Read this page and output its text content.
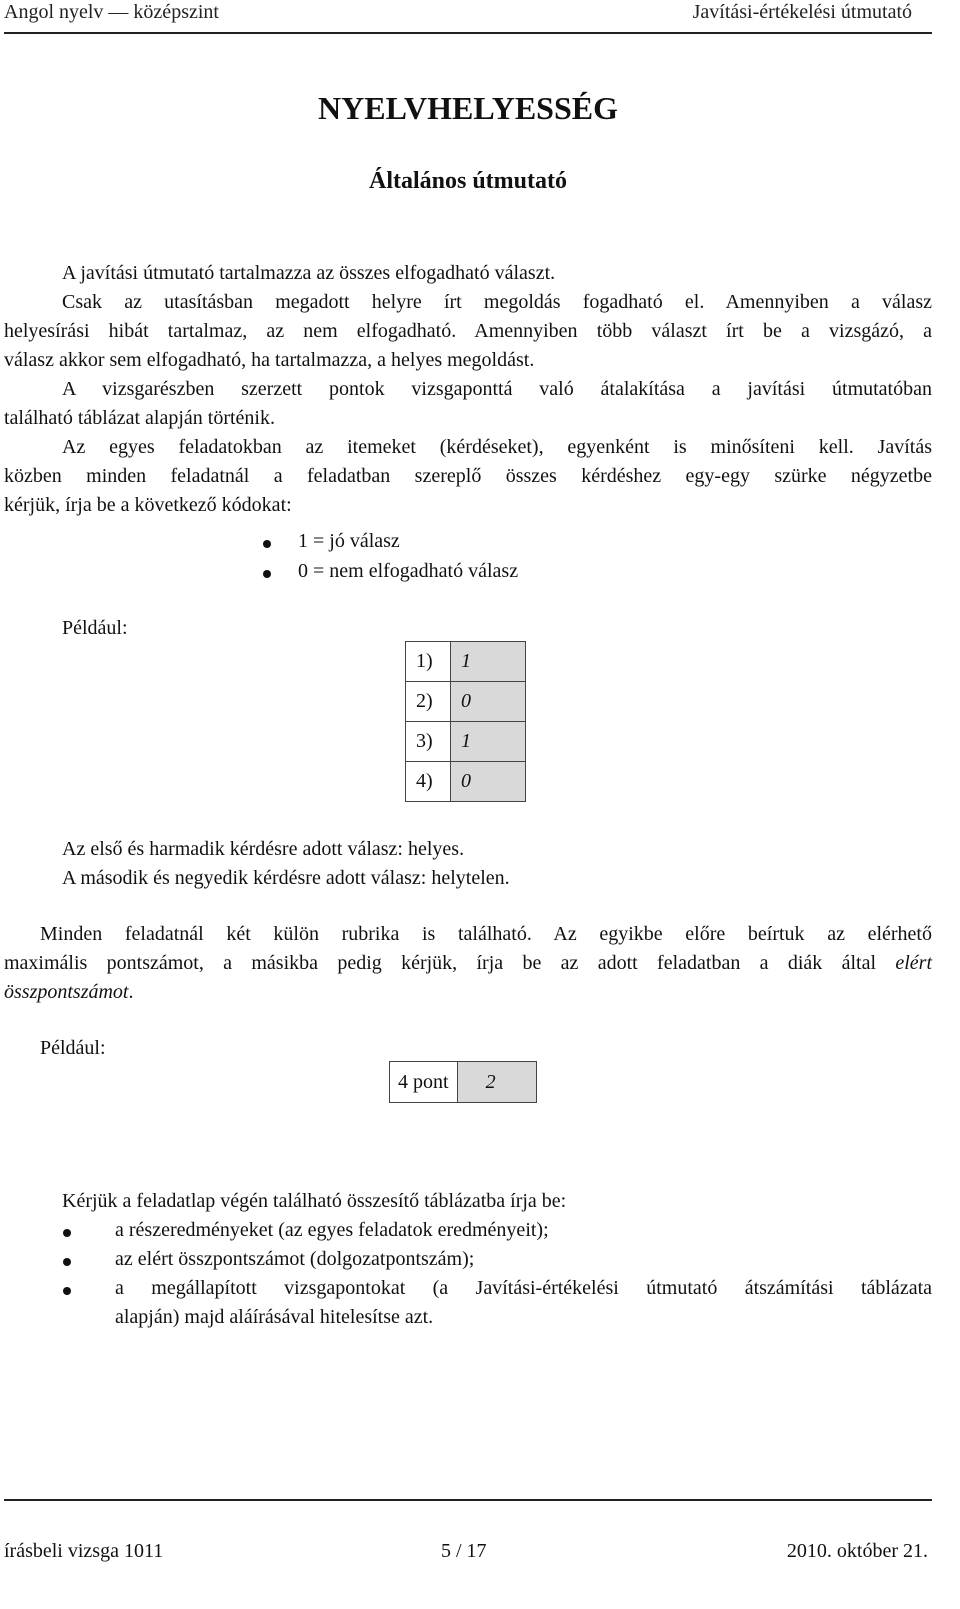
Angol nyelv — középszint	Javítási-értékelési útmutató
NYELVHELYESSÉG
Általános útmutató
A javítási útmutató tartalmazza az összes elfogadható választ.
Csak az utasításban megadott helyre írt megoldás fogadható el. Amennyiben a válasz
helyesírási hibát tartalmaz, az nem elfogadható. Amennyiben több választ írt be a vizsgázó, a
válasz akkor sem elfogadható, ha tartalmazza, a helyes megoldást.
A vizsgarészben szerzett pontok vizsgaponttá való átalakítása a javítási útmutatóban
található táblázat alapján történik.
Az egyes feladatokban az itemeket (kérdéseket), egyenként is minősíteni kell. Javítás
közben minden feladatnál a feladatban szereplő összes kérdéshez egy-egy szürke négyzetbe
kérjük, írja be a következő kódokat:
1 = jó válasz
0 = nem elfogadható válasz
Például:
1)	1
2)	0
3)	1
4)	0
Az első és harmadik kérdésre adott válasz: helyes.
A második és negyedik kérdésre adott válasz: helytelen.
Minden feladatnál két külön rubrika is található. Az egyikbe előre beírtuk az elérhető
maximális pontszámot, a másikba pedig kérjük, írja be az adott feladatban a diák által elért
összpontszámot.
Például:
4 pont	2
Kérjük a feladatlap végén található összesítő táblázatba írja be:
a részeredményeket (az egyes feladatok eredményeit);
az elért összpontszámot (dolgozatpontszám);
a megállapított vizsgapontokat (a Javítási-értékelési útmutató átszámítási táblázata
alapján) majd aláírásával hitelesítse azt.
írásbeli vizsga 1011	5 / 17	2010. október 21.
